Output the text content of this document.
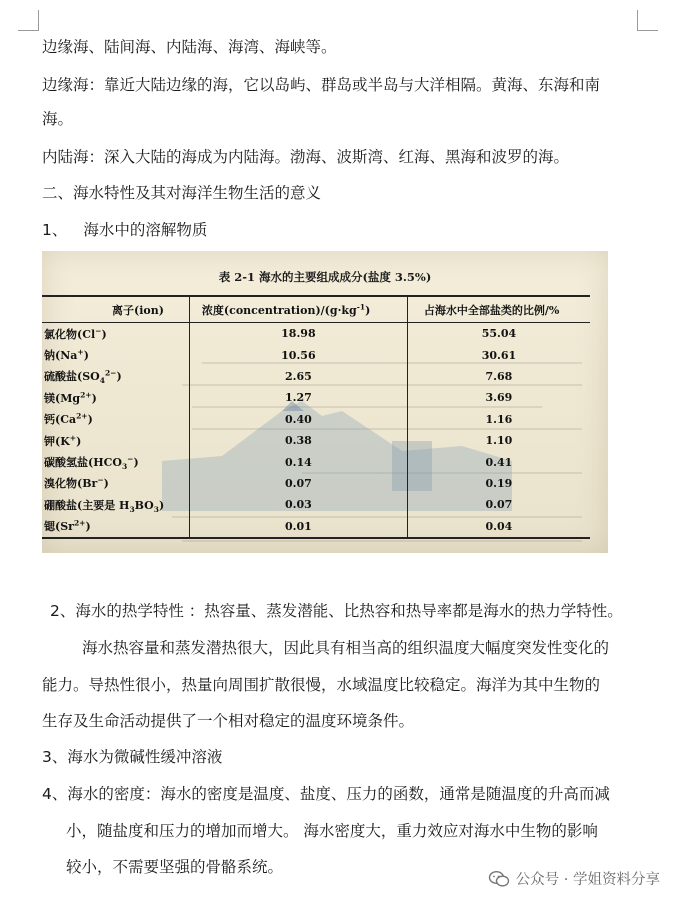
边缘海、陆间海、内陆海、海湾、海峡等。
边缘海：靠近大陆边缘的海，它以岛屿、群岛或半岛与大洋相隔。黄海、东海和南
海。
内陆海：深入大陆的海成为内陆海。渤海、波斯湾、红海、黑海和波罗的海。
二、海水特性及其对海洋生物生活的意义
1、 海水中的溶解物质
表 2-1 海水的主要组成成分(盐度 3.5%)
离子(ion)	浓度$(concentration)/(g\cdot kg^{-1})$	占海水中全部盐类的比例/%
氯化物(Cl−)	18.98	55.04
钠(Na+)	10.56	30.61
硫酸盐$(SO_4^{2-})$	2.65	7.68
镁$(Mg^{2+})$	1.27	3.69
钙$(Ca^{2+})$	0.40	1.16
钾(K+)	0.38	1.10
碳酸氢盐$(HCO_3^-)$	0.14	0.41
溴化物(Br−)	0.07	0.19
硼酸盐(主要是 $H_3BO_3$)	0.03	0.07
锶$(Sr^{2+})$	0.01	0.04
2、海水的热学特性 ：热容量、蒸发潜能、比热容和热导率都是海水的热力学特性。
海水热容量和蒸发潜热很大，因此具有相当高的组织温度大幅度突发性变化的
能力。导热性很小，热量向周围扩散很慢，水域温度比较稳定。海洋为其中生物的
生存及生命活动提供了一个相对稳定的温度环境条件。
3、海水为微碱性缓冲溶液
4、海水的密度：海水的密度是温度、盐度、压力的函数，通常是随温度的升高而减
小，随盐度和压力的增加而增大。 海水密度大，重力效应对海水中生物的影响
较小，不需要坚强的骨骼系统。
公众号 · 学姐资料分享
